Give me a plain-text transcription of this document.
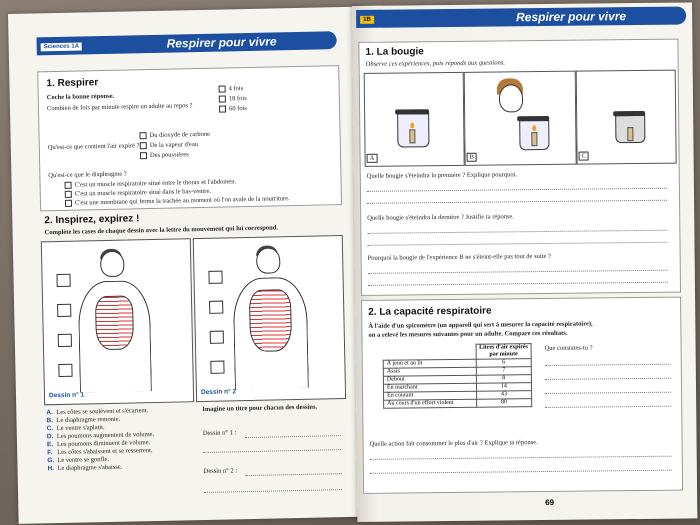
Sciences 1A	Respirer pour vivre
1. Respirer
Coche la bonne réponse.
Combien de fois par minute respire un adulte au repos ?
4 fois
18 fois
60 fois
Qu'est-ce que contient l'air expiré ?
Du dioxyde de carbone
De la vapeur d'eau
Des poussières
Qu'est-ce que le diaphragme ?
C'est un muscle respiratoire situé entre le thorax et l'abdomen.
C'est un muscle respiratoire situé dans le bas-ventre.
C'est une membrane qui ferme la trachée au moment où l'on avale de la nourriture.
2. Inspirez, expirez !
Complète les cases de chaque dessin avec la lettre du mouvement qui lui correspond.
Dessin n° 1	Dessin n° 2
A. Les côtes se soulèvent et s'écartent.
B. Le diaphragme remonte.
C. Le ventre s'aplatit.
D. Les poumons augmentent de volume.
E. Les poumons diminuent de volume.
F. Les côtes s'abaissent et se resserrent.
G. Le ventre se gonfle.
H. Le diaphragme s'abaisse.
Imagine un titre pour chacun des dessins.
Dessin n° 1 :
Dessin n° 2 :
1B	Respirer pour vivre
1. La bougie
Observe ces expériences, puis réponds aux questions.
A	B	C
Quelle bougie s'éteindra la première ? Explique pourquoi.
Quelle bougie s'éteindra la dernière ? Justifie ta réponse.
Pourquoi la bougie de l'expérience B ne s'éteint-elle pas tout de suite ?
2. La capacité respiratoire
À l'aide d'un spiromètre (un appareil qui sert à mesurer la capacité respiratoire),
on a relevé les mesures suivantes pour un adulte. Compare ces résultats.
	Litres d'air expirés
par minute
À jeun et au lit	6
Assis	7
Debout	8
En marchant	14
En courant	43
Au cours d'un effort violent	80
Que constates-tu ?
Quelle action fait consommer le plus d'air ? Explique ta réponse.
69
